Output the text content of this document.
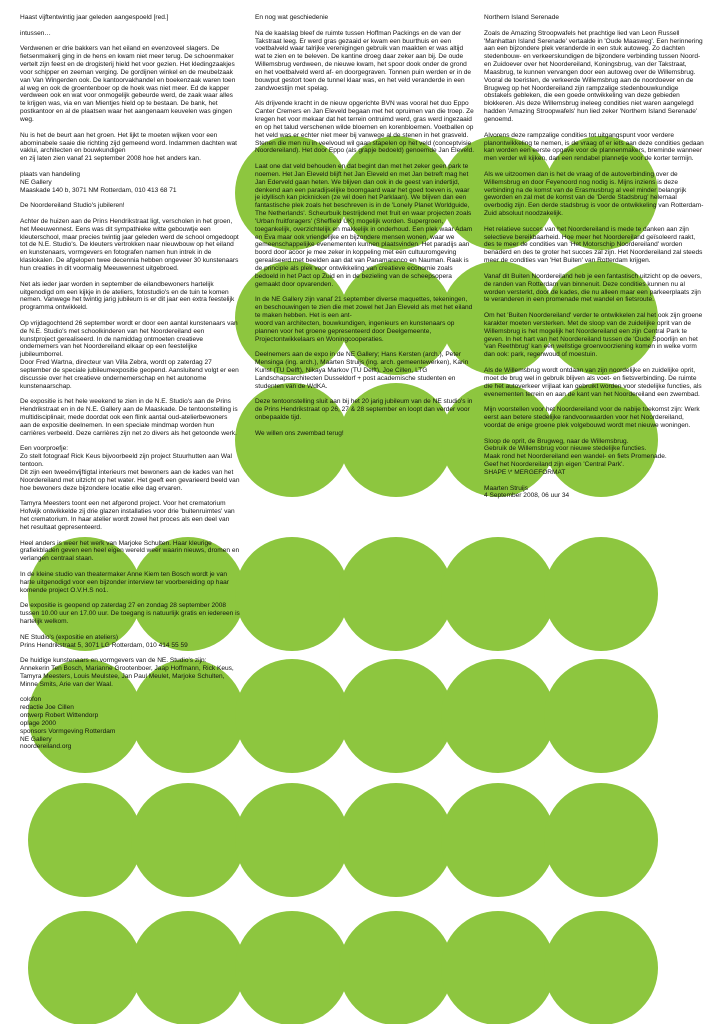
Haast vijftentwintig jaar geleden aangespoeld [red.]

intussen…

Verdwenen er drie bakkers van het eiland en evenzoveel slagers. De fietsenmakerij ging in de hens en kwam niet meer terug. De schoenmaker vertelt zijn feest en de drogisterij hield het voor gezien. Het kledingzaakjes voor schipper en zeeman verging. De gordijnen winkel en de meubelzaak van Van Wingerden ook. De kantoorvakhandel en boekenzaak waren toen al weg en ook de groentenboer op de hoek was niet meer. Ed de kapper verdween ook en wat voor onmogelijk gebeurde werd, de zaak waar alles te krijgen was, via en van Mientjes hield op te bestaan. De bank, het postkantoor en al de plaatsen waar het aangenaam keuvelen was gingen weg.

Nu is het de beurt aan het groen. Het lijkt te moeten wijken voor een abominabele saaie die richting zijd gemeend word. Indammen dachten wat vaklui, architecten en bouwkundigen
en zij laten zien vanaf 21 september 2008 hoe het anders kan.

plaats van handeling
NE Gallery
Maaskade 140 b, 3071 NM Rotterdam, 010 413 68 71

De Noordereiland Studio's jubileren!

Achter de huizen aan de Prins Hendrikstraat ligt, verscholen in het groen, het Meeuwennest. Eens was dit sympathieke witte gebouwtje een kleuterschool, maar precies twintig jaar geleden werd de school omgedoopt tot de N.E. Studio's. De kleuters vertrokken naar nieuwbouw op het eiland en kunstenaars, vormgevers en fotografen namen hun intrek in de klaslokalen. De afgelopen twee decennia hebben ongeveer 30 kunstenaars hun creaties in dit voormalig Meeuwennest uitgebroed.

Net als ieder jaar worden in september de eilandbewoners hartelijk uitgenodigd om een kijkje in de ateliers, fotostudio's en de tuin te komen nemen. Vanwege het twintig jarig jubileum is er dit jaar een extra feestelijk programma ontwikkeld.

Op vrijdagochtend 26 september wordt er door een aantal kunstenaars van de N.E. Studio's met schoolkinderen van het Noordereiland een kunstproject gerealiseerd. In de namiddag ontmoeten creatieve ondernemers van het Noordereiland elkaar op een feestelijke jubileumborrel.
Door Fred Wartna, directeur van Villa Zebra, wordt op zaterdag 27 september de speciale jubileumexpositie geopend. Aansluitend volgt er een discussie over het creatieve ondernemerschap en het autonome kunstenaarschap.

De expositie is het hele weekend te zien in de N.E. Studio's aan de Prins Hendrikstraat en in de N.E. Gallery aan de Maaskade. De tentoonstelling is multidisciplinair, mede doordat ook een flink aantal oud-atelierbewoners aan de expositie deelnemen. In een speciale mindmap worden hun carrières verbeeld. Deze carrières zijn net zo divers als het getoonde werk.

Een voorproefje:
Zo stelt fotograaf Rick Keus bijvoorbeeld zijn project Stuurhutten aan Wal tentoon.
Dit zijn een tweeënvijftigtal interieurs met bewoners aan de kades van het Noordereiland met uitzicht op het water. Het geeft een gevarieerd beeld van hoe bewoners deze bijzondere locatie elke dag ervaren.

Tamyra Meesters toont een net afgerond project. Voor het crematorium Hofwijk ontwikkelde zij drie glazen installaties voor drie 'buitenruimtes' van het crematorium. In haar atelier wordt zowel het proces als een deel van het resultaat gepresenteerd.

Heel anders is weer het werk van Marjoke Schulten. Haar kleurige grafiekbladen geven een heel eigen wereld weer waarin nieuws, dromen en verlangen centraal staan.

In de kleine studio van theatermaker Anne Kiem ten Bosch wordt je van harte uitgenodigd voor een bijzonder interview ter voorbereiding op haar komende project O.V.H.S no1.

De expositie is geopend op zaterdag 27 en zondag 28 september 2008 tussen 10.00 uur en 17.00 uur. De toegang is natuurlijk gratis en iedereen is hartelijk welkom.

NE Studio's (expositie en ateliers)
Prins Hendrikstraat 5, 3071 LG Rotterdam, 010 414 55 59

De huidige kunstenaars en vormgevers van de NE. Studio's zijn:
Annekerin Ten Bosch, Marianne Grootenboer, Jaap Hoffmann, Rick Keus, Tamyra Meesters, Louis Meulstee, Jan Paul Meulet, Marjoke Schulten, Minne Smits, Arie van der Waal.

colofon
redactie Joe Cillen
ontwerp Robert Wittendorp
oplage 2000
sponsors Vormgeving Rotterdam
NE Gallery
noordereiland.org

En nog wat geschiedenie

Na de kaalslag bleef de ruimte tussen Hoffman Packings en de van der Takstraat leeg. Er werd gras gezaaid er kwam een buurthuis en een voetbalveld waar talrijke verenigingen gebruik van maakten er was altijd wat te zien en te beleven. De kantine droeg daar zeker aan bij. De oude Willemsbrug verdween, de nieuwe kwam, het spoor dook onder de grond en het voetbalveld werd af- en doorgegraven. Tonnen puin werden er in de bouwput gestort toen de tunnel klaar was, en het veld veranderde in een zandwoestijn met spelag.

Als drijvende kracht in de nieuw opgerichte BVN was vooral het duo Eppo Canter Cremers en Jan Eleveld begaan met het opruimen van die troep. Ze kregen het voor mekaar dat het terrein ontruimd werd, gras werd ingezaaid en op het talud verschenen wilde bloemen en korenbloemen. Voetballen op het veld was er echter niet meer bij vanwege al de stenen in het grasveld. Stenen die men nu in veelvoud wil gaan stapelen op het veld (conceptvisie Noordereiland). Het door Eppo (als grapje bedoeld) genoemde Jan Eleveld.

Laat one dat veld behouden en dat begint dan met het zeker geen park te noemen. Het Jan Eleveld blijft het Jan Eleveld en met Jan betreft mag het Jan Ederveld gaan heten. We blijven dan ook in de geest van indertijd, denkend aan een paradijselijke boomgaard waar het goed toeven is, waar je idyllisch kan picknicken (ze wil doen het Parklaan). We blijven dan een fantastische plek zoals het beschreven is in de 'Lonely Planet Worldguide, The Netherlands'. Scheurbuik bestrijdend met fruit en waar projecten zoals 'Urban fruitforagers' (Sheffield UK) mogelijk worden. Supergroen, toegankelijk, overzichtelijk en makkelijk in onderhoud. Een plek waar Adam en Eva maar ook vriendelijke en bijzondere mensen wonen, waar we gemeenschappelijke evenementen kunnen plaatsvinden. Het paradijs aan boord door acoor je mee zeker in koppeling met een cultuuromgeving gerealiseerd met beelden aan dat van Panamarenco en Nauman. Raak is de principle als plek voor ontwikkeling van creatieve economie zoals bedoeld in het Pact op Zuid en in de bezieling van de scheepsopera gemaakt door opvarenden.

In de NE Gallery zijn vanaf 21 september diverse maquettes, tekeningen, en beschouwingen te zien die met zowel het Jan Eleveld als met het eiland te maken hebben. Het is een ant-
woord van architecten, bouwkundigen, ingenieurs en kunstenaars op plannen voor het groene gepresenteerd door Deelgemeente, Projectontwikkelaars en Woningcooperaties.

Deelnemers aan de expo in de NE Gallery; Hans Kersten (arch.), Peter Mensinga (ing. arch.), Maarten Struijs (ing. arch. gemeentewerken), Karin Kunst (TU Delft), Nikaya Markov (TU Delft), Joe Cillen, LTG Landschapsarchitecten Dusseldorf + post academische studenten en studenten van de WdKA.

Deze tentoonstelling sluit aan bij het 20 jarig jubileum van de NE studio's in de Prins Hendrikstraat op 26, 27 & 28 september en loopt dan verder voor onbepaalde tijd.

We willen ons zwembad terug!

Northern Island Serenade

Zoals de Amazing Stroopwafels het prachtige lied van Leon Russell 'Manhattan Island Serenade' vertaalde in 'Oude Maasweg'. Een herinnering aan een bijzondere plek veranderde in een stuk autoweg. Zo dachten stedenbouw- en verkeerskundigen de bijzondere verbinding tussen Noord- en Zuidoever over het Noordereiland, Koningsbrug, van der Takstraat, Maasbrug, te kunnen vervangen door een autoweg over de Willemsbrug. Vooral de toeristen, de verkeerde Willemsbrug aan de noordoever en de Brugweg op het Noordereiland zijn rampzalige stedenbouwkundige obstakels gebleken, die een goede ontwikkeling van deze gebieden blokkeren. Als deze Willemsbrug ineleeg condities niet waren aangelegd hadden 'Amazing Stroopwafels' hun lied zeker 'Northern Island Serenade' genoemd.

Alvorens deze rampzalige condities tot uitgangspunt voor verdere planontwikkeling te nemen, is de vraag of er iets aan deze condities gedaan kan worden een eerste opgave voor de plannenmakers, breminde wanneer men verder wil kijken, dan een rendabel plannetje voor de korter termijn.

Als we uitzoomen dan is het de vraag of de autoverbinding over de Willemsbrug en door Feyenoord nog nodig is. Mijns inziens is deze verbinding na de komst van de Erasmusbrug al veel minder belangrijk geworden en zal met de komst van de 'Derde Stadsbrug' helemaal overbodig zijn. Een derde stadsbrug is voor de ontwikkeling van Rotterdam-Zuid absoluut noodzakelijk.

Het relatieve succes van het Noordereiland is mede te danken aan zijn selectieve bereikbaarheid. Hoe meer het Noordereiland geïsoleerd raakt, des te meer de condities van 'Het Motorschip Noordereiland' worden benaderd en des te groter het succes zal zijn. Het Noordereiland zal steeds meer de condities van 'Het Buiten' van Rotterdam krijgen.

Vanaf dit Buiten Noordereiland heb je een fantastisch uitzicht op de oevers, de randen van Rotterdam van binnenuit. Deze condities kunnen nu al worden versterkt, door de kades, die nu alleen maar een parkeerplaats zijn te veranderen in een promenade met wandel en fietsroute.

Om het 'Buiten Noordereiland' verder te ontwikkelen zal het ook zijn groene karakter moeten versterken. Met de sloop van de zuidelijke oprit van de Willemsbrug is het mogelijk het Noordereiland een zijn Central Park te geven. In het hart van het Noordereiland tussen de 'Oude Spoorlijn en het 'van Reethbrug' kan een wellstige groenvoorziening komen in welke vorm dan ook: park, regenwoud of moestuin.

Als de Willemsbrug wordt ontdaan van zijn noordelijke en zuidelijke oprit, moet de brug wel in gebruik blijven als voet- en fietsverbinding. De ruimte die het autoverkeer vrijlaat kan gebruikt worden voor stedelijke functies, als evenementen terrein en aan de kant van het Noordereiland een zwembad.

Mijn voorstellen voor het Noordereiland voor de nabije toekomst zijn: Werk eerst aan betere stedelijke randvoorwaarden voor het Noordereiland, voordat de enige groene plek volgebouwd wordt met nieuwe woningen.

Sloop de oprit, de Brugweg, naar de Willemsbrug.
Gebruik de Willemsbrug voor nieuwe stedelijke functies.
Maak rond het Noordereiland een wandel- en fiets Promenade.
Geef het Noordereiland zijn eigen 'Central Park'.
SHAPE \* MERGEFORMAT

Maarten Struijs
4 September 2008, 06 uur 34
